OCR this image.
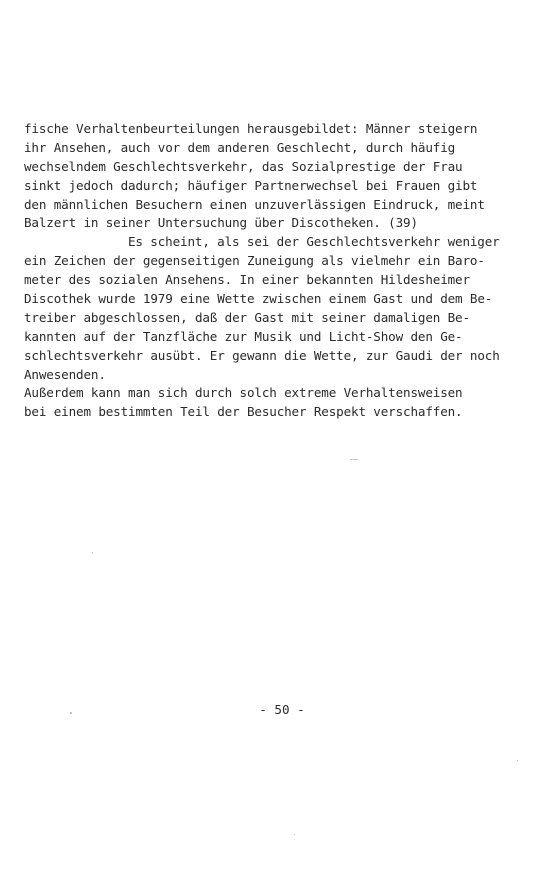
fische Verhaltenbeurteilungen herausgebildet: Männer steigern
ihr Ansehen, auch vor dem anderen Geschlecht, durch häufig
wechselndem Geschlechtsverkehr, das Sozialprestige der Frau
sinkt jedoch dadurch; häufiger Partnerwechsel bei Frauen gibt
den männlichen Besuchern einen unzuverlässigen Eindruck, meint
Balzert in seiner Untersuchung über Discotheken. (39)
Es scheint, als sei der Geschlechtsverkehr weniger
ein Zeichen der gegenseitigen Zuneigung als vielmehr ein Baro-
meter des sozialen Ansehens. In einer bekannten Hildesheimer
Discothek wurde 1979 eine Wette zwischen einem Gast und dem Be-
treiber abgeschlossen, daß der Gast mit seiner damaligen Be-
kannten auf der Tanzfläche zur Musik und Licht-Show den Ge-
schlechtsverkehr ausübt. Er gewann die Wette, zur Gaudi der noch
Anwesenden.
Außerdem kann man sich durch solch extreme Verhaltensweisen
bei einem bestimmten Teil der Besucher Respekt verschaffen.
- 50 -
